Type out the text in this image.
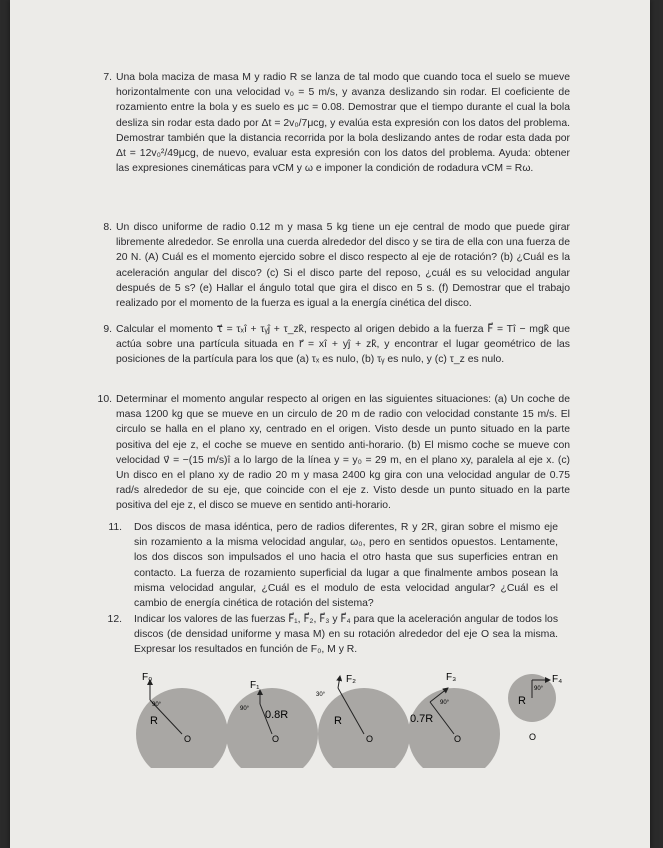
7. Una bola maciza de masa M y radio R se lanza de tal modo que cuando toca el suelo se mueve horizontalmente con una velocidad v₀ = 5 m/s, y avanza deslizando sin rodar. El coeficiente de rozamiento entre la bola y es suelo es μc = 0.08. Demostrar que el tiempo durante el cual la bola desliza sin rodar esta dado por Δt = 2v₀/7μcg, y evalúa esta expresión con los datos del problema. Demostrar también que la distancia recorrida por la bola deslizando antes de rodar esta dada por Δt = 12v₀²/49μcg, de nuevo, evaluar esta expresión con los datos del problema. Ayuda: obtener las expresiones cinemáticas para vCM y ω e imponer la condición de rodadura vCM = Rω.
8. Un disco uniforme de radio 0.12 m y masa 5 kg tiene un eje central de modo que puede girar libremente alrededor. Se enrolla una cuerda alrededor del disco y se tira de ella con una fuerza de 20 N. (A) Cuál es el momento ejercido sobre el disco respecto al eje de rotación? (b) ¿Cuál es la aceleración angular del disco? (c) Si el disco parte del reposo, ¿cuál es su velocidad angular después de 5 s? (e) Hallar el ángulo total que gira el disco en 5 s. (f) Demostrar que el trabajo realizado por el momento de la fuerza es igual a la energía cinética del disco.
9. Calcular el momento τ⃗ = τₓî + τᵧĵ + τ_zk̂, respecto al origen debido a la fuerza F⃗ = Tî − mgk̂ que actúa sobre una partícula situada en r⃗ = xî + yĵ + zk̂, y encontrar el lugar geométrico de las posiciones de la partícula para los que (a) τₓ es nulo, (b) τᵧ es nulo, y (c) τ_z es nulo.
10. Determinar el momento angular respecto al origen en las siguientes situaciones: (a) Un coche de masa 1200 kg que se mueve en un circulo de 20 m de radio con velocidad constante 15 m/s. El circulo se halla en el plano xy, centrado en el origen. Visto desde un punto situado en la parte positiva del eje z, el coche se mueve en sentido anti-horario. (b) El mismo coche se mueve con velocidad v⃗ = −(15 m/s)î a lo largo de la línea y = y₀ = 29 m, en el plano xy, paralela al eje x. (c) Un disco en el plano xy de radio 20 m y masa 2400 kg gira con una velocidad angular de 0.75 rad/s alrededor de su eje, que coincide con el eje z. Visto desde un punto situado en la parte positiva del eje z, el disco se mueve en sentido anti-horario.
11. Dos discos de masa idéntica, pero de radios diferentes, R y 2R, giran sobre el mismo eje sin rozamiento a la misma velocidad angular, ω₀, pero en sentidos opuestos. Lentamente, los dos discos son impulsados el uno hacia el otro hasta que sus superficies entran en contacto. La fuerza de rozamiento superficial da lugar a que finalmente ambos posean la misma velocidad angular, ¿Cuál es el modulo de esta velocidad angular? ¿Cuál es el cambio de energía cinética de rotación del sistema?
12. Indicar los valores de las fuerzas F⃗₁, F⃗₂, F⃗₃ y F⃗₄ para que la aceleración angular de todos los discos (de densidad uniforme y masa M) en su rotación alrededor del eje O sea la misma. Expresar los resultados en función de F₀, M y R.
F₀
90°
R
O
F₁
90° 0.8R
O
F₂
30°
R
O
F₃
90°
0.7R
O
F₄
90°
R
O
